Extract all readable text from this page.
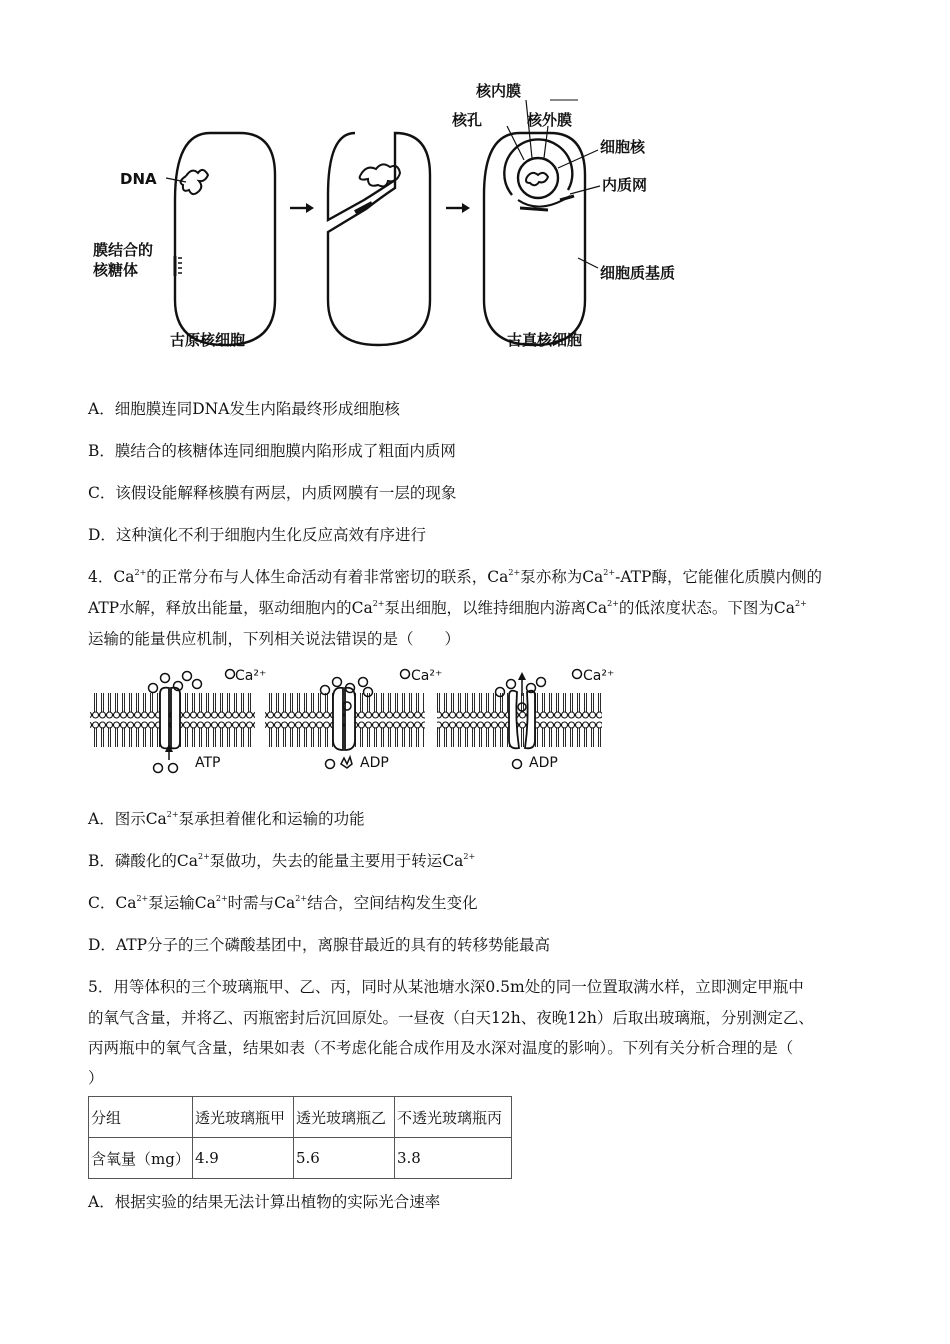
DNA
膜结合的
核糖体
核内膜
核孔	核外膜
细胞核
内质网
细胞质基质
古原核细胞	古真核细胞
A．细胞膜连同DNA发生内陷最终形成细胞核
B．膜结合的核糖体连同细胞膜内陷形成了粗面内质网
C．该假设能解释核膜有两层，内质网膜有一层的现象
D．这种演化不利于细胞内生化反应高效有序进行
4．$Ca^{2+}$的正常分布与人体生命活动有着非常密切的联系，$Ca^{2+}$泵亦称为$Ca^{2+}$-ATP酶，它能催化质膜内侧的
ATP水解，释放出能量，驱动细胞内的$Ca^{2+}$泵出细胞，以维持细胞内游离$Ca^{2+}$的低浓度状态。下图为$Ca^{2+}$
运输的能量供应机制，下列相关说法错误的是（　　）
Ca²⁺	Ca²⁺	Ca²⁺
ATP	ADP	ADP
A．图示$Ca^{2+}$泵承担着催化和运输的功能
B．磷酸化的$Ca^{2+}$泵做功，失去的能量主要用于转运$Ca^{2+}$
C．$Ca^{2+}$泵运输$Ca^{2+}$时需与$Ca^{2+}$结合，空间结构发生变化
D．ATP分子的三个磷酸基团中，离腺苷最近的具有的转移势能最高
5．用等体积的三个玻璃瓶甲、乙、丙，同时从某池塘水深0.5m处的同一位置取满水样，立即测定甲瓶中
的氧气含量，并将乙、丙瓶密封后沉回原处。一昼夜（白天12h、夜晚12h）后取出玻璃瓶，分别测定乙、
丙两瓶中的氧气含量，结果如表（不考虑化能合成作用及水深对温度的影响）。下列有关分析合理的是（
）
分组	透光玻璃瓶甲	透光玻璃瓶乙	不透光玻璃瓶丙
含氧量（mg）	4.9	5.6	3.8
A．根据实验的结果无法计算出植物的实际光合速率
